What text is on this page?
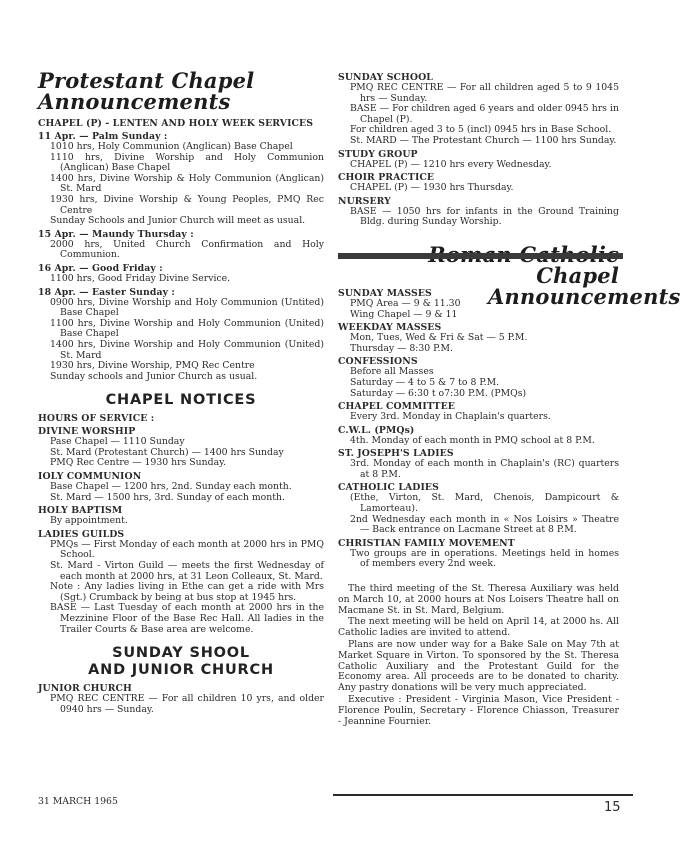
Protestant Chapel
Announcements
CHAPEL (P) - LENTEN AND HOLY WEEK SERVICES
11 Apr. — Palm Sunday :
1010 hrs, Holy Communion (Anglican) Base Chapel
1110 hrs, Divine Worship and Holy Communion (Anglican) Base Chapel
1400 hrs, Divine Worship & Holy Communion (Anglican) St. Mard
1930 hrs, Divine Worship & Young Peoples, PMQ Rec Centre
Sunday Schools and Junior Church will meet as usual.
15 Apr. — Maundy Thursday :
2000 hrs, United Church Confirmation and Holy Communion.
16 Apr. — Good Friday :
1100 hrs, Good Friday Divine Service.
18 Apr. — Easter Sunday :
0900 hrs, Divine Worship and Holy Communion (Untited) Base Chapel
1100 hrs, Divine Worship and Holy Communion (United) Base Chapel
1400 hrs, Divine Worship and Holy Communion (United) St. Mard
1930 hrs, Divine Worship, PMQ Rec Centre
Sunday schools and Junior Church as usual.
CHAPEL NOTICES
HOURS OF SERVICE :
DIVINE WORSHIP
Pase Chapel — 1110 Sunday
St. Mard (Protestant Church) — 1400 hrs Sunday
PMQ Rec Centre — 1930 hrs Sunday.
IOLY COMMUNION
Base Chapel — 1200 hrs, 2nd. Sunday each month.
St. Mard — 1500 hrs, 3rd. Sunday of each month.
HOLY BAPTISM
By appointment.
LADIES GUILDS
PMQs — First Monday of each month at 2000 hrs in PMQ School.
St. Mard - Virton Guild — meets the first Wednesday of each month at 2000 hrs, at 31 Leon Colleaux, St. Mard.
Note : Any ladies living in Ethe can get a ride with Mrs (Sgt.) Crumback by being at bus stop at 1945 hrs.
BASE — Last Tuesday of each month at 2000 hrs in the Mezzinine Floor of the Base Rec Hall. All ladies in the Trailer Courts & Base area are welcome.
SUNDAY SHOOL
AND JUNIOR CHURCH
JUNIOR CHURCH
PMQ REC CENTRE — For all children 10 yrs, and older 0940 hrs — Sunday.
SUNDAY SCHOOL
PMQ REC CENTRE — For all children aged 5 to 9 1045 hrs — Sunday.
BASE — For children aged 6 years and older 0945 hrs in Chapel (P).
For children aged 3 to 5 (incl) 0945 hrs in Base School.
St. MARD — The Protestant Church — 1100 hrs Sunday.
STUDY GROUP
CHAPEL (P) — 1210 hrs every Wednesday.
CHOIR PRACTICE
CHAPEL (P) — 1930 hrs Thursday.
NURSERY
BASE — 1050 hrs for infants in the Ground Training Bldg. during Sunday Worship.
Chapel
SUNDAY MASSES
PMQ Area — 9 & 11.30
Wing Chapel — 9 & 11
Announcements
WEEKDAY MASSES
Mon, Tues, Wed & Fri & Sat — 5 P.M.
Thursday — 8:30 P.M.
CONFESSIONS
Before all Masses
Saturday — 4 to 5 & 7 to 8 P.M.
Saturday — 6:30 t o7:30 P.M. (PMQs)
CHAPEL COMMITTEE
Every 3rd. Monday in Chaplain's quarters.
C.W.L. (PMQs)
4th. Monday of each month in PMQ school at 8 P.M.
ST. JOSEPH'S LADIES
3rd. Monday of each month in Chaplain's (RC) quarters at 8 P.M.
CATHOLIC LADIES
(Ethe, Virton, St. Mard, Chenois, Dampicourt & Lamorteau).
2nd Wednesday each month in « Nos Loisirs » Theatre — Back entrance on Lacmane Street at 8 P.M.
CHRISTIAN FAMILY MOVEMENT
Two groups are in operations. Meetings held in homes of members every 2nd week.
The third meeting of the St. Theresa Auxiliary was held on March 10, at 2000 hours at Nos Loisers Theatre hall on Macmane St. in St. Mard, Belgium.
The next meeting will be held on April 14, at 2000 hs. All Catholic ladies are invited to attend.
Plans are now under way for a Bake Sale on May 7th at Market Square in Virton. To sponsored by the St. Theresa Catholic Auxiliary and the Protestant Guild for the Economy area. All proceeds are to be donated to charity. Any pastry donations will be very much appreciated.
Executive : President - Virginia Mason, Vice President - Florence Poulin, Secretary - Florence Chiasson, Treasurer - Jeannine Fournier.
31 MARCH 1965	15
